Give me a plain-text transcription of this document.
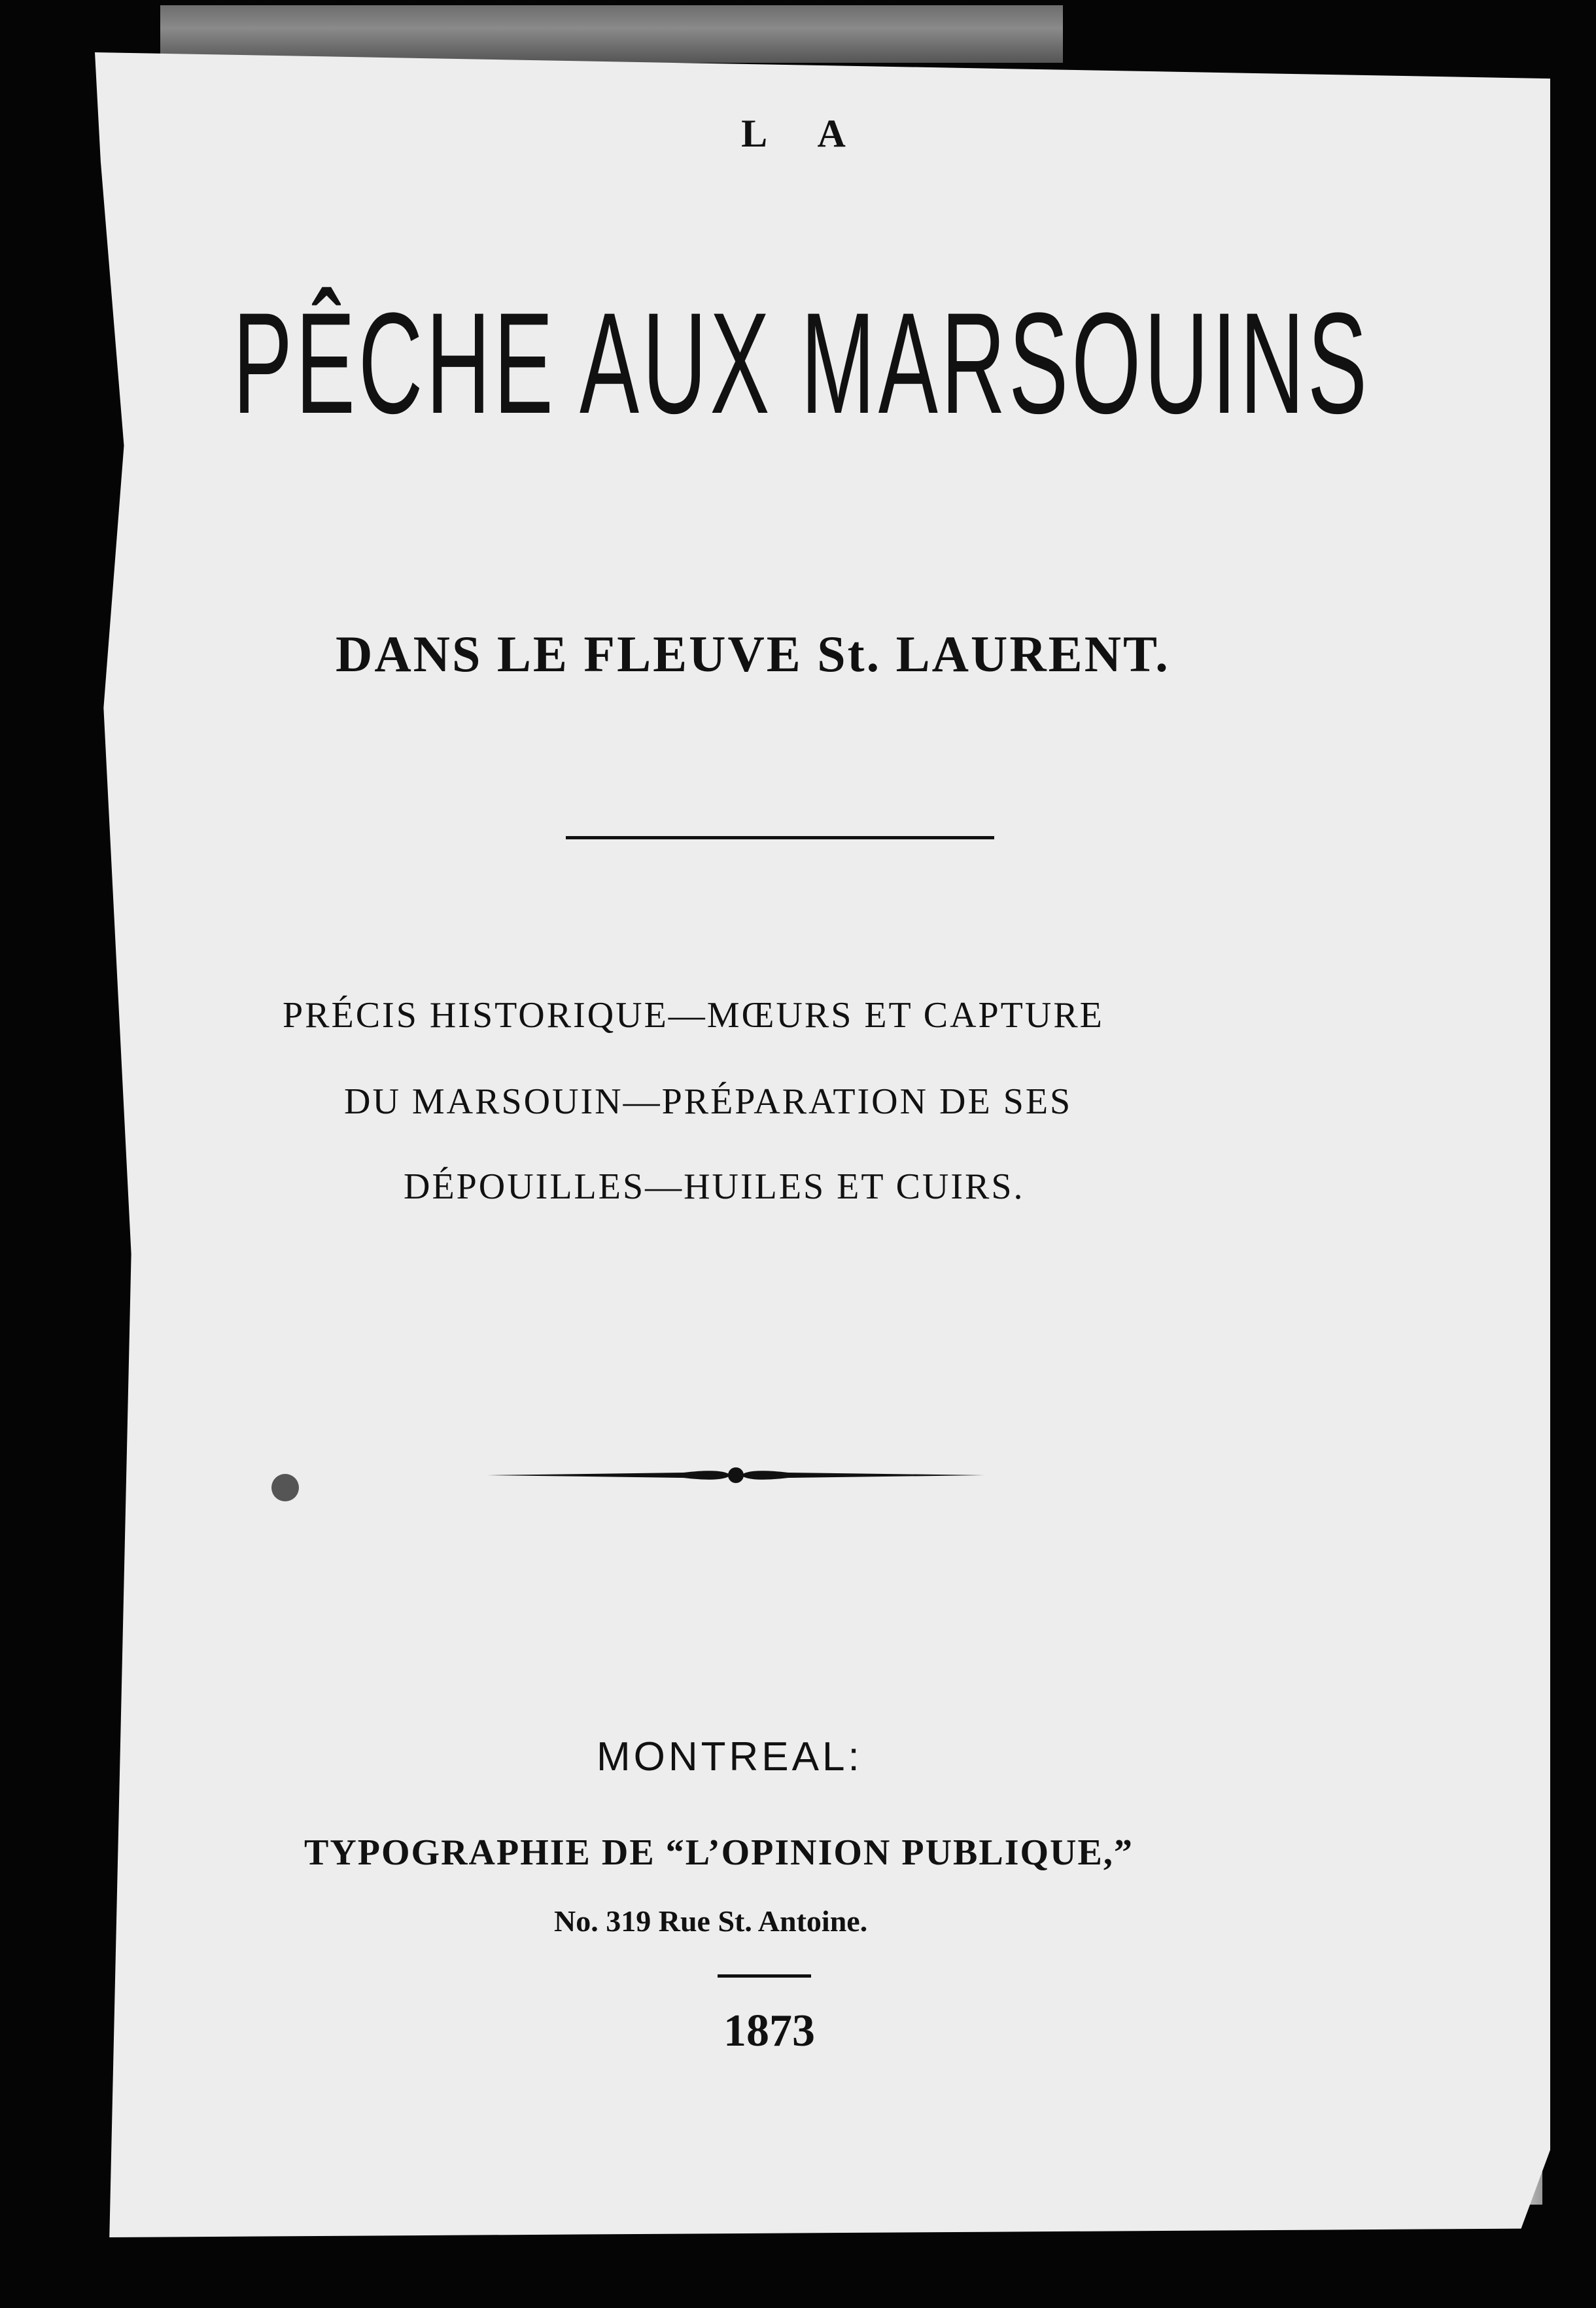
L A
PÊCHE AUX MARSOUINS
DANS LE FLEUVE St. LAURENT.
PRÉCIS HISTORIQUE—MŒURS ET CAPTURE
DU MARSOUIN—PRÉPARATION DE SES
DÉPOUILLES—HUILES ET CUIRS.
MONTREAL:
TYPOGRAPHIE DE “L’OPINION PUBLIQUE,”
No. 319 Rue St. Antoine.
1873
